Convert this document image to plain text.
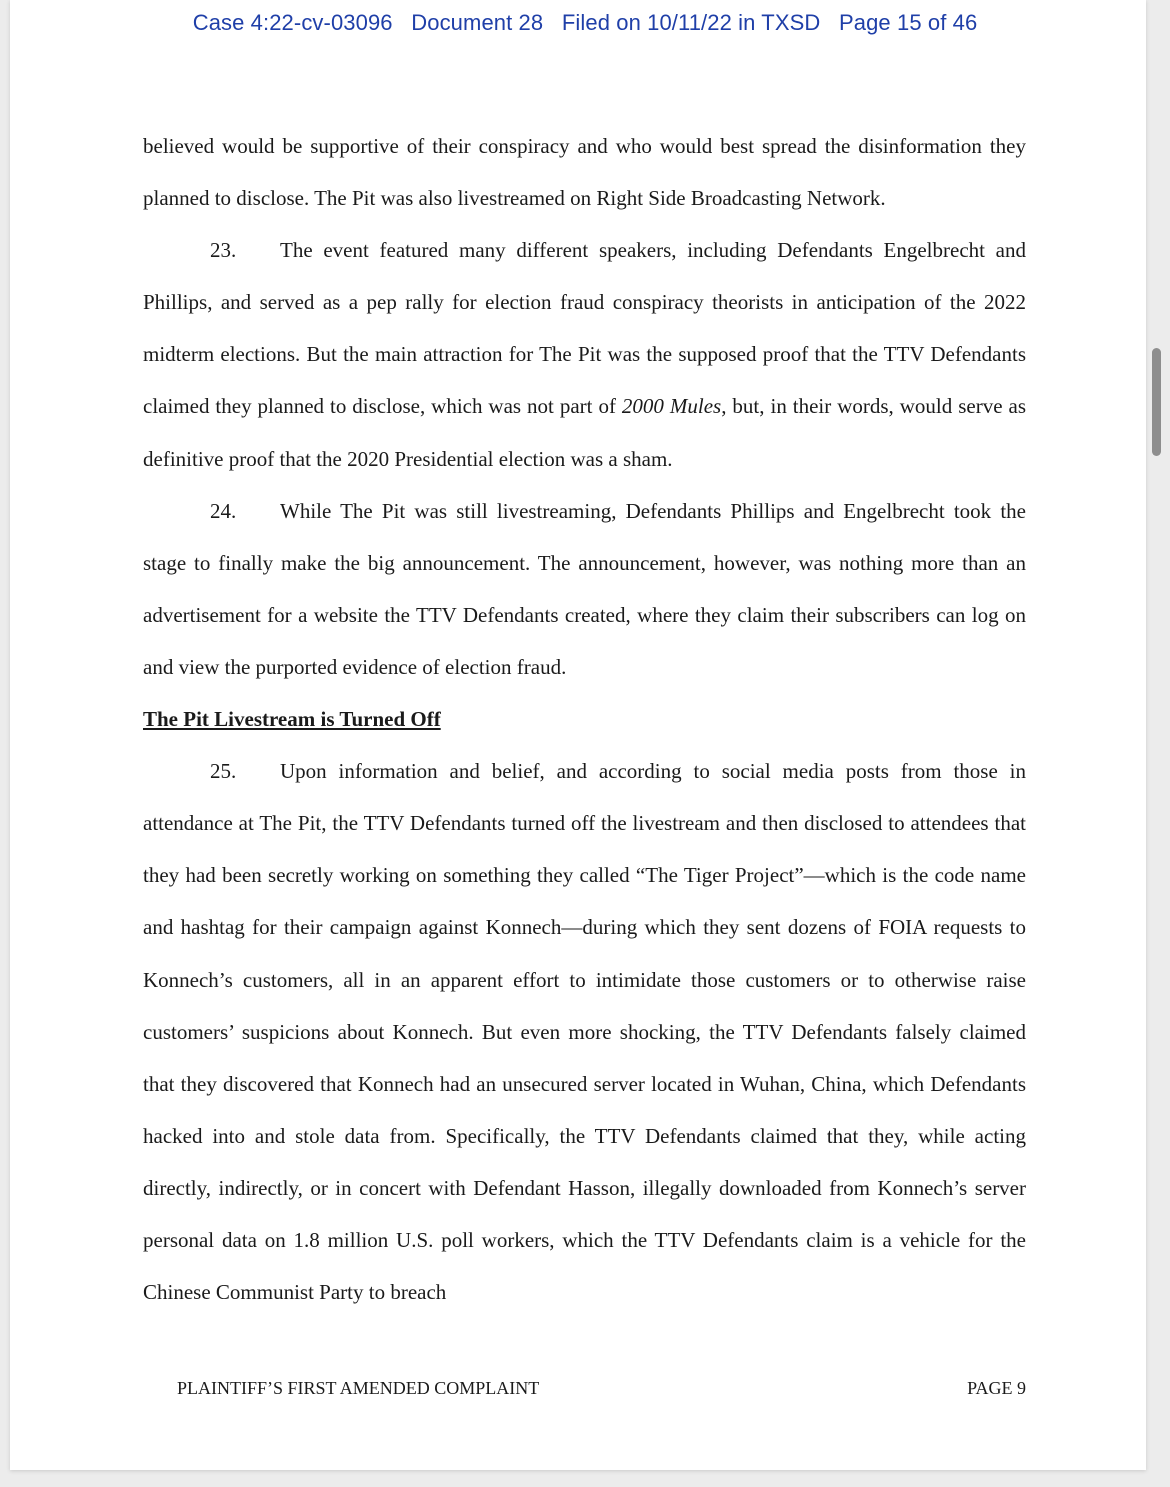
Case 4:22-cv-03096   Document 28   Filed on 10/11/22 in TXSD   Page 15 of 46

believed would be supportive of their conspiracy and who would best spread the disinformation they planned to disclose. The Pit was also livestreamed on Right Side Broadcasting Network.

23. The event featured many different speakers, including Defendants Engelbrecht and Phillips, and served as a pep rally for election fraud conspiracy theorists in anticipation of the 2022 midterm elections. But the main attraction for The Pit was the supposed proof that the TTV Defendants claimed they planned to disclose, which was not part of 2000 Mules, but, in their words, would serve as definitive proof that the 2020 Presidential election was a sham.

24. While The Pit was still livestreaming, Defendants Phillips and Engelbrecht took the stage to finally make the big announcement. The announcement, however, was nothing more than an advertisement for a website the TTV Defendants created, where they claim their subscribers can log on and view the purported evidence of election fraud.

The Pit Livestream is Turned Off

25. Upon information and belief, and according to social media posts from those in attendance at The Pit, the TTV Defendants turned off the livestream and then disclosed to attendees that they had been secretly working on something they called “The Tiger Project”—which is the code name and hashtag for their campaign against Konnech—during which they sent dozens of FOIA requests to Konnech’s customers, all in an apparent effort to intimidate those customers or to otherwise raise customers’ suspicions about Konnech. But even more shocking, the TTV Defendants falsely claimed that they discovered that Konnech had an unsecured server located in Wuhan, China, which Defendants hacked into and stole data from. Specifically, the TTV Defendants claimed that they, while acting directly, indirectly, or in concert with Defendant Hasson, illegally downloaded from Konnech’s server personal data on 1.8 million U.S. poll workers, which the TTV Defendants claim is a vehicle for the Chinese Communist Party to breach

PLAINTIFF’S FIRST AMENDED COMPLAINT	PAGE 9
